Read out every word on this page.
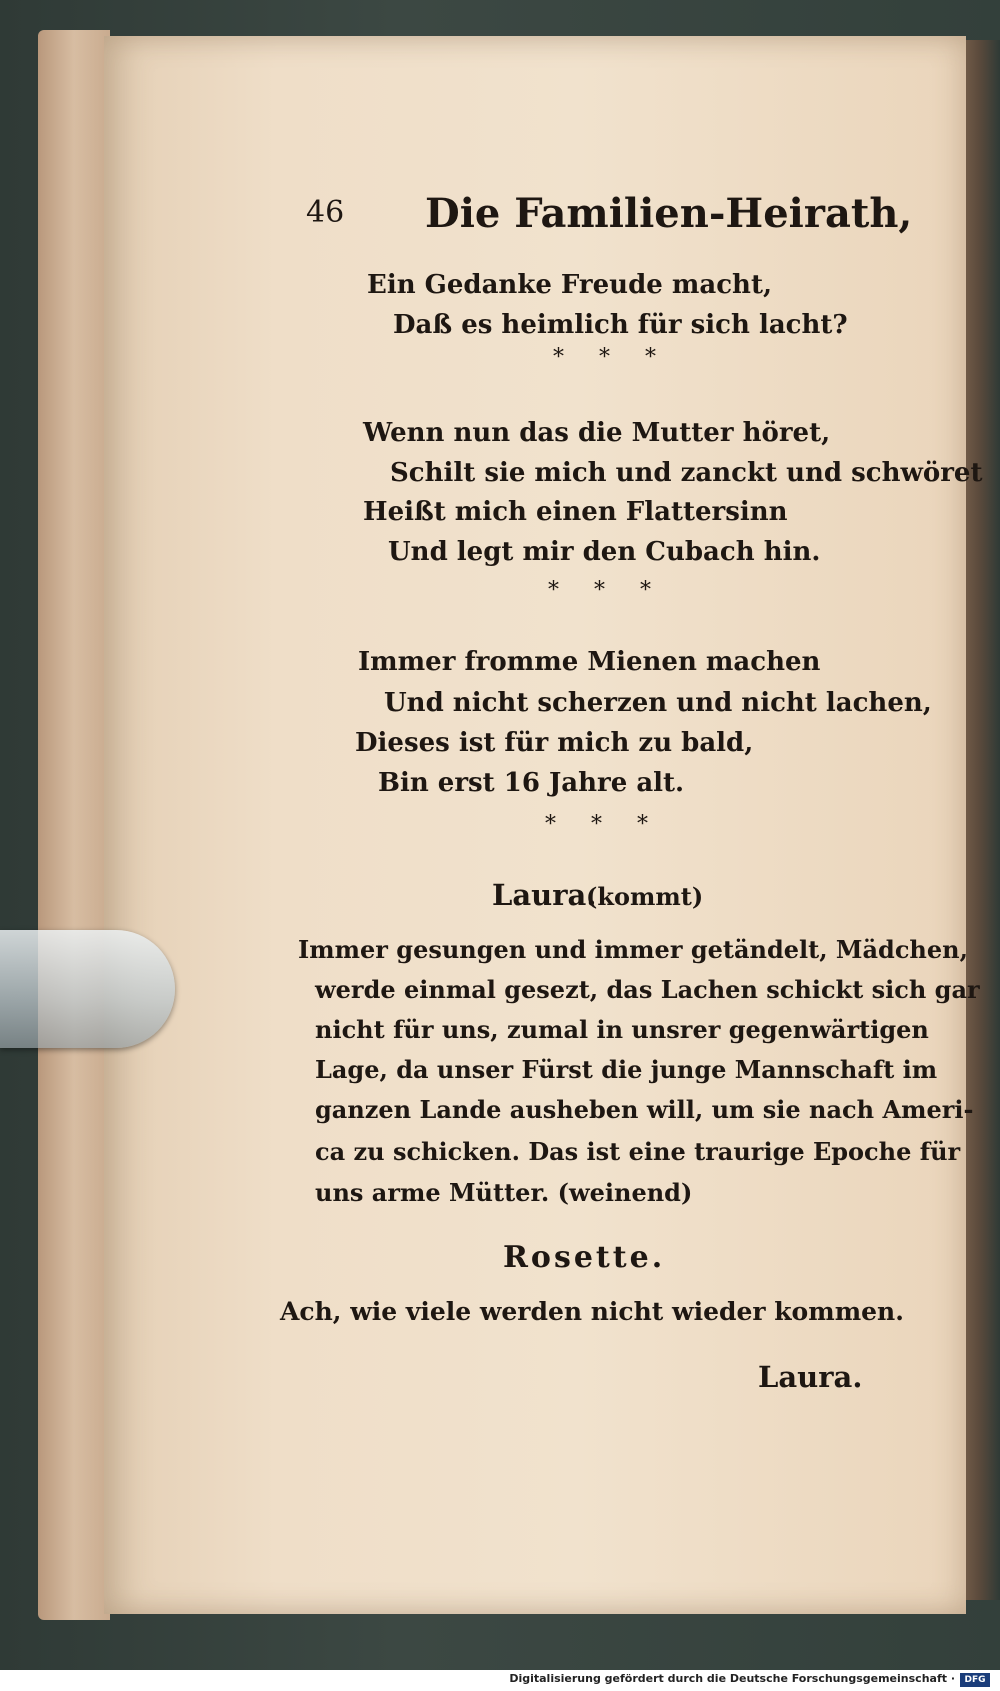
46 Die Familien-Heirath,
Ein Gedanke Freude macht,
Daß es heimlich für sich lacht?
* * *
Wenn nun das die Mutter höret,
Schilt sie mich und zanckt und schwöret
Heißt mich einen Flattersinn
Und legt mir den Cubach hin.
* * *
Immer fromme Mienen machen
Und nicht scherzen und nicht lachen,
Dieses ist für mich zu bald,
Bin erst 16 Jahre alt.
* * *
Laura.
(kommt)
Immer gesungen und immer getändelt, Mädchen,
werde einmal gesezt, das Lachen schickt sich gar
nicht für uns, zumal in unsrer gegenwärtigen
Lage, da unser Fürst die junge Mannschaft im
ganzen Lande ausheben will, um sie nach Ameri-
ca zu schicken. Das ist eine traurige Epoche für
uns arme Mütter. (weinend)
Rosette.
Ach, wie viele werden nicht wieder kommen.
Laura.
Digitalisierung gefördert durch die Deutsche Forschungsgemeinschaft ·	DFG
